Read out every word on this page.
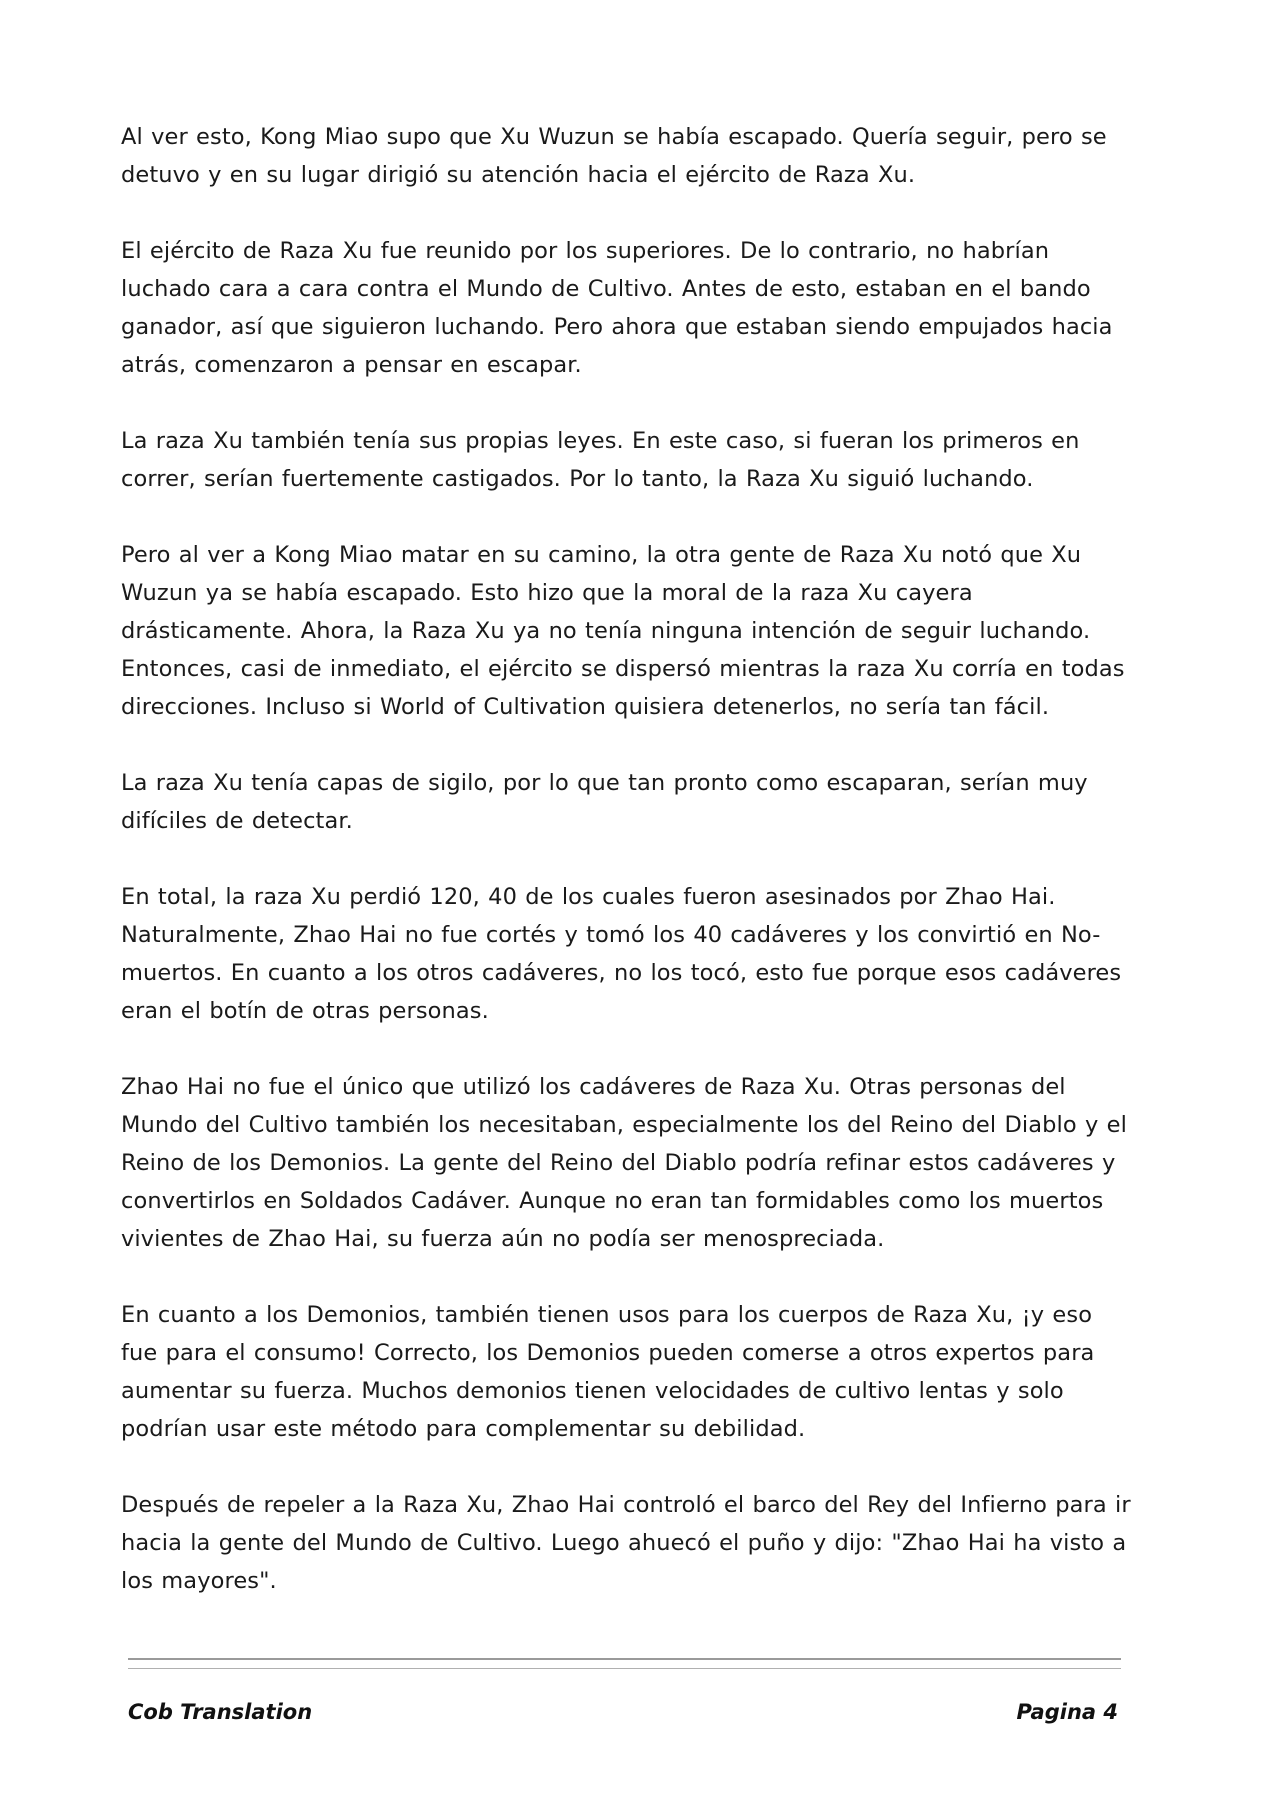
Al ver esto, Kong Miao supo que Xu Wuzun se había escapado. Quería seguir, pero se detuvo y en su lugar dirigió su atención hacia el ejército de Raza Xu.

El ejército de Raza Xu fue reunido por los superiores. De lo contrario, no habrían luchado cara a cara contra el Mundo de Cultivo. Antes de esto, estaban en el bando ganador, así que siguieron luchando. Pero ahora que estaban siendo empujados hacia atrás, comenzaron a pensar en escapar.

La raza Xu también tenía sus propias leyes. En este caso, si fueran los primeros en correr, serían fuertemente castigados. Por lo tanto, la Raza Xu siguió luchando.

Pero al ver a Kong Miao matar en su camino, la otra gente de Raza Xu notó que Xu Wuzun ya se había escapado. Esto hizo que la moral de la raza Xu cayera drásticamente. Ahora, la Raza Xu ya no tenía ninguna intención de seguir luchando. Entonces, casi de inmediato, el ejército se dispersó mientras la raza Xu corría en todas direcciones. Incluso si World of Cultivation quisiera detenerlos, no sería tan fácil.

La raza Xu tenía capas de sigilo, por lo que tan pronto como escaparan, serían muy difíciles de detectar.

En total, la raza Xu perdió 120, 40 de los cuales fueron asesinados por Zhao Hai. Naturalmente, Zhao Hai no fue cortés y tomó los 40 cadáveres y los convirtió en No-muertos. En cuanto a los otros cadáveres, no los tocó, esto fue porque esos cadáveres eran el botín de otras personas.

Zhao Hai no fue el único que utilizó los cadáveres de Raza Xu. Otras personas del Mundo del Cultivo también los necesitaban, especialmente los del Reino del Diablo y el Reino de los Demonios. La gente del Reino del Diablo podría refinar estos cadáveres y convertirlos en Soldados Cadáver. Aunque no eran tan formidables como los muertos vivientes de Zhao Hai, su fuerza aún no podía ser menospreciada.

En cuanto a los Demonios, también tienen usos para los cuerpos de Raza Xu, ¡y eso fue para el consumo! Correcto, los Demonios pueden comerse a otros expertos para aumentar su fuerza. Muchos demonios tienen velocidades de cultivo lentas y solo podrían usar este método para complementar su debilidad.

Después de repeler a la Raza Xu, Zhao Hai controló el barco del Rey del Infierno para ir hacia la gente del Mundo de Cultivo. Luego ahuecó el puño y dijo: "Zhao Hai ha visto a los mayores".

Cob Translation	Pagina 4
